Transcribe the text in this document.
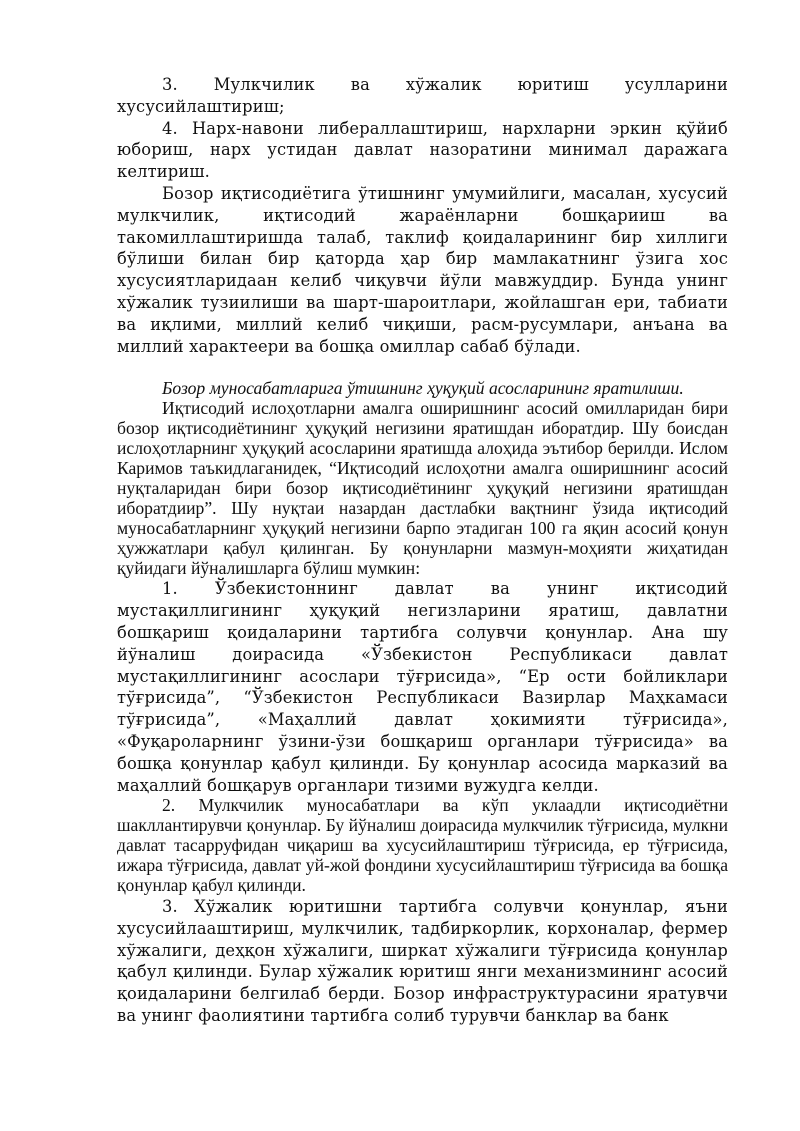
3. Мулкчилик ва хўжалик юритиш усулларини хусусийлаштириш;

4. Нарх-навони либераллаштириш, нархларни эркин қўйиб юбориш, нарх устидан давлат назоратини минимал даражага келтириш.

Бозор иқтисодиётига ўтишнинг умумийлиги, масалан, хусусий мулкчилик, иқтисодий жараёнларни бошқарииш ва такомиллаштиришда талаб, таклиф қоидаларининг бир хиллиги бўлиши билан бир қаторда ҳар бир мамлакатнинг ўзига хос хусусиятларидаан келиб чиқувчи йўли мавжуддир. Бунда унинг хўжалик тузиилиши ва шарт-шароитлари, жойлашган ери, табиати ва иқлими, миллий келиб чиқиши, расм-русумлари, анъана ва миллий характеери ва бошқа омиллар сабаб бўлади.

Бозор муносабатларига ўтишнинг ҳуқуқий асосларининг яратилиши.

Иқтисодий ислоҳотларни амалга оширишнинг асосий омилларидан бири бозор иқтисодиётининг ҳуқуқий негизини яратишдан иборатдир. Шу боисдан ислоҳотларнинг ҳуқуқий асосларини яратишда алоҳида эътибор берилди. Ислом Каримов таъкидлаганидек, “Иқтисодий ислоҳотни амалга оширишнинг асосий нуқталаридан бири бозор иқтисодиётининг ҳуқуқий негизини яратишдан иборатдиир”. Шу нуқтаи назардан дастлабки вақтнинг ўзида иқтисодий муносабатларнинг ҳуқуқий негизини барпо этадиган 100 га яқин асосий қонун ҳужжатлари қабул қилинган. Бу қонунларни мазмун-моҳияти жиҳатидан қуйидаги йўналишларга бўлиш мумкин:

1. Ўзбекистоннинг давлат ва унинг иқтисодий мустақиллигининг ҳуқуқий негизларини яратиш, давлатни бошқариш қоидаларини тартибга солувчи қонунлар. Ана шу йўналиш доирасида «Ўзбекистон Республикаси давлат мустақиллигининг асослари тўғрисида», “Ер ости бойликлари тўғрисида”, “Ўзбекистон Республикаси Вазирлар Маҳкамаси тўғрисида”, «Маҳаллий давлат ҳокимияти тўғрисида», «Фуқароларнинг ўзини-ўзи бошқариш органлари тўғрисида» ва бошқа қонунлар қабул қилинди. Бу қонунлар асосида марказий ва маҳаллий бошқарув органлари тизими вужудга келди.

2. Мулкчилик муносабатлари ва кўп уклаадли иқтисодиётни шакллантирувчи қонунлар. Бу йўналиш доирасида мулкчилик тўғрисида, мулкни давлат тасарруфидан чиқариш ва хусусийлаштириш тўғрисида, ер тўғрисида, ижара тўғрисида, давлат уй-жой фондини хусусийлаштириш тўғрисида ва бошқа қонунлар қабул қилинди.

3. Хўжалик юритишни тартибга солувчи қонунлар, яъни хусусийлааштириш, мулкчилик, тадбиркорлик, корхоналар, фермер хўжалиги, деҳқон хўжалиги, ширкат хўжалиги тўғрисида қонунлар қабул қилинди. Булар хўжалик юритиш янги механизмининг асосий қоидаларини белгилаб берди. Бозор инфраструктурасини яратувчи ва унинг фаолиятини тартибга солиб турувчи банклар ва банк
